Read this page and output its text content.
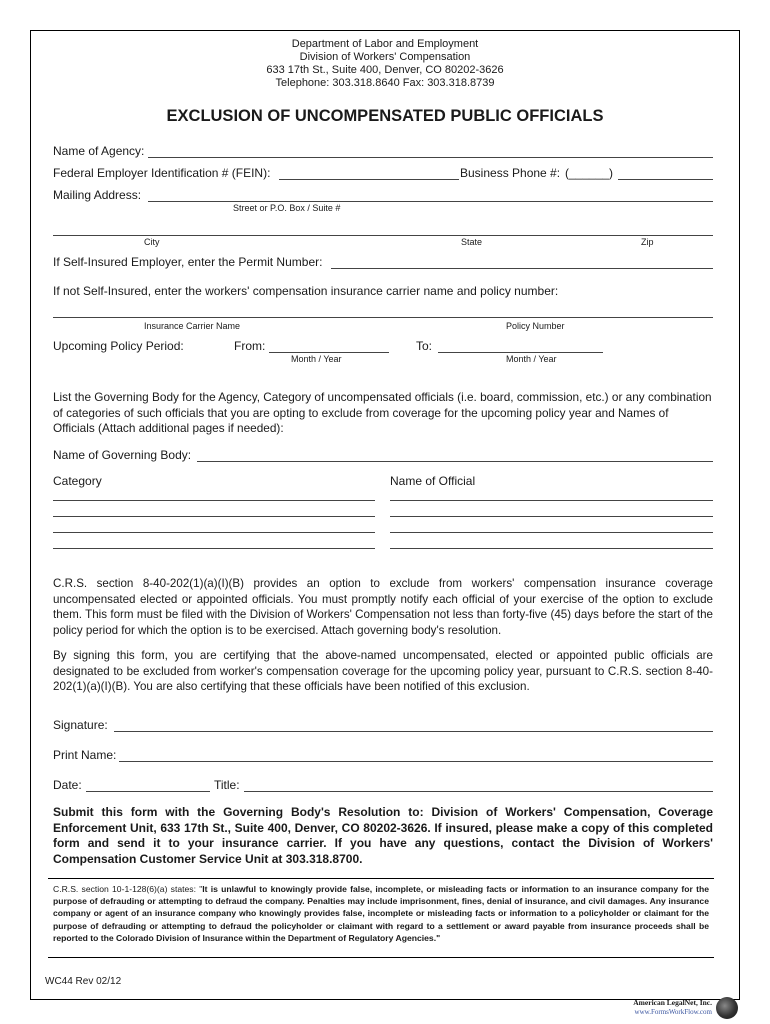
Department of Labor and Employment
Division of Workers' Compensation
633 17th St., Suite 400, Denver, CO 80202-3626
Telephone: 303.318.8640 Fax: 303.318.8739
EXCLUSION OF UNCOMPENSATED PUBLIC OFFICIALS
Name of Agency:
Federal Employer Identification # (FEIN):	Business Phone #: (______)
Mailing Address:
Street or P.O. Box / Suite #
City	State	Zip
If Self-Insured Employer, enter the Permit Number:
If not Self-Insured, enter the workers' compensation insurance carrier name and policy number:
Insurance Carrier Name	Policy Number
Upcoming Policy Period:	From:
Month / Year
To:
Month / Year
List the Governing Body for the Agency, Category of uncompensated officials (i.e. board, commission, etc.) or any combination of categories of such officials that you are opting to exclude from coverage for the upcoming policy year and Names of Officials (Attach additional pages if needed):
Name of Governing Body:
Category	Name of Official
C.R.S. section 8-40-202(1)(a)(I)(B) provides an option to exclude from workers' compensation insurance coverage uncompensated elected or appointed officials. You must promptly notify each official of your exercise of the option to exclude them. This form must be filed with the Division of Workers' Compensation not less than forty-five (45) days before the start of the policy period for which the option is to be exercised. Attach governing body's resolution.
By signing this form, you are certifying that the above-named uncompensated, elected or appointed public officials are designated to be excluded from worker's compensation coverage for the upcoming policy year, pursuant to C.R.S. section 8-40-202(1)(a)(I)(B). You are also certifying that these officials have been notified of this exclusion.
Signature:
Print Name:
Date:	Title:
Submit this form with the Governing Body's Resolution to: Division of Workers' Compensation, Coverage Enforcement Unit, 633 17th St., Suite 400, Denver, CO 80202-3626. If insured, please make a copy of this completed form and send it to your insurance carrier. If you have any questions, contact the Division of Workers' Compensation Customer Service Unit at 303.318.8700.
C.R.S. section 10-1-128(6)(a) states: "It is unlawful to knowingly provide false, incomplete, or misleading facts or information to an insurance company for the purpose of defrauding or attempting to defraud the company. Penalties may include imprisonment, fines, denial of insurance, and civil damages. Any insurance company or agent of an insurance company who knowingly provides false, incomplete or misleading facts or information to a policyholder or claimant for the purpose of defrauding or attempting to defraud the policyholder or claimant with regard to a settlement or award payable from insurance proceeds shall be reported to the Colorado Division of Insurance within the Department of Regulatory Agencies."
WC44 Rev 02/12
American LegalNet, Inc.
www.FormsWorkFlow.com
